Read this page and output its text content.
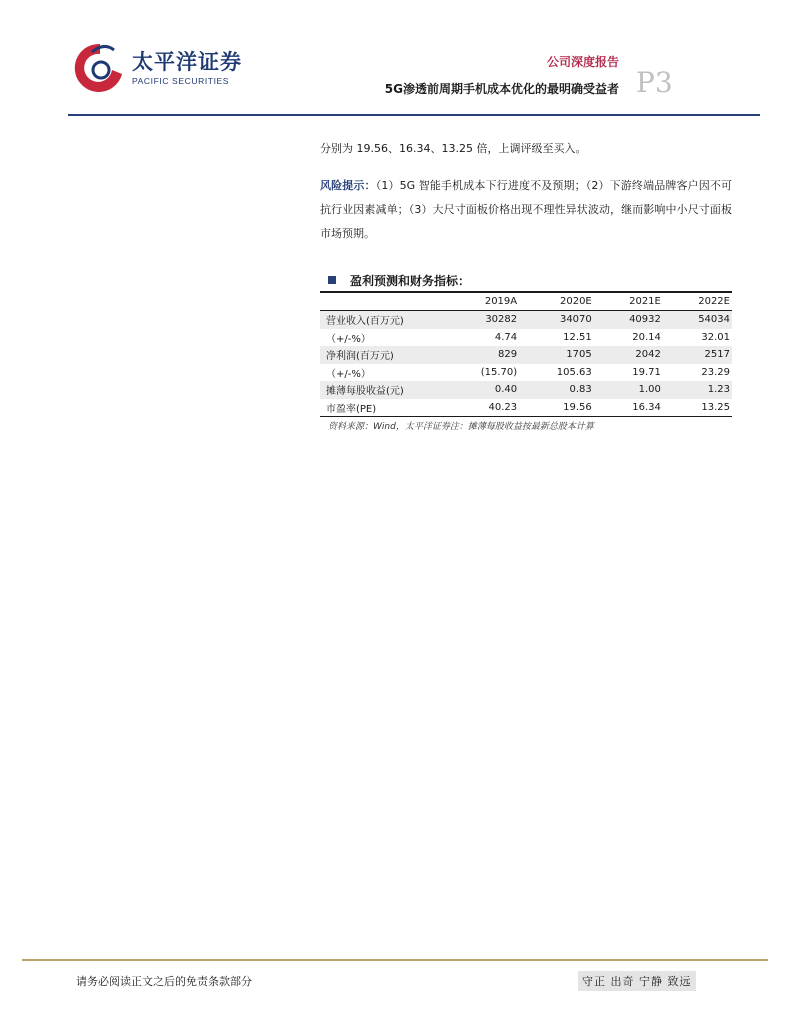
太平洋证券
PACIFIC SECURITIES
公司深度报告
5G渗透前周期手机成本优化的最明确受益者 P3
分别为 19.56、16.34、13.25 倍，上调评级至买入。
风险提示：（1）5G 智能手机成本下行进度不及预期；（2）下游终端品牌客户因不可抗行业因素减单；（3）大尺寸面板价格出现不理性异状波动，继而影响中小尺寸面板市场预期。
盈利预测和财务指标：
	2019A	2020E	2021E	2022E
营业收入(百万元)	30282	34070	40932	54034
（+/-%）	4.74	12.51	20.14	32.01
净利润(百万元)	829	1705	2042	2517
（+/-%）	(15.70)	105.63	19.71	23.29
摊薄每股收益(元)	0.40	0.83	1.00	1.23
市盈率(PE)	40.23	19.56	16.34	13.25
资料来源：Wind，太平洋证券注：摊薄每股收益按最新总股本计算
请务必阅读正文之后的免责条款部分	守正 出奇 宁静 致远
